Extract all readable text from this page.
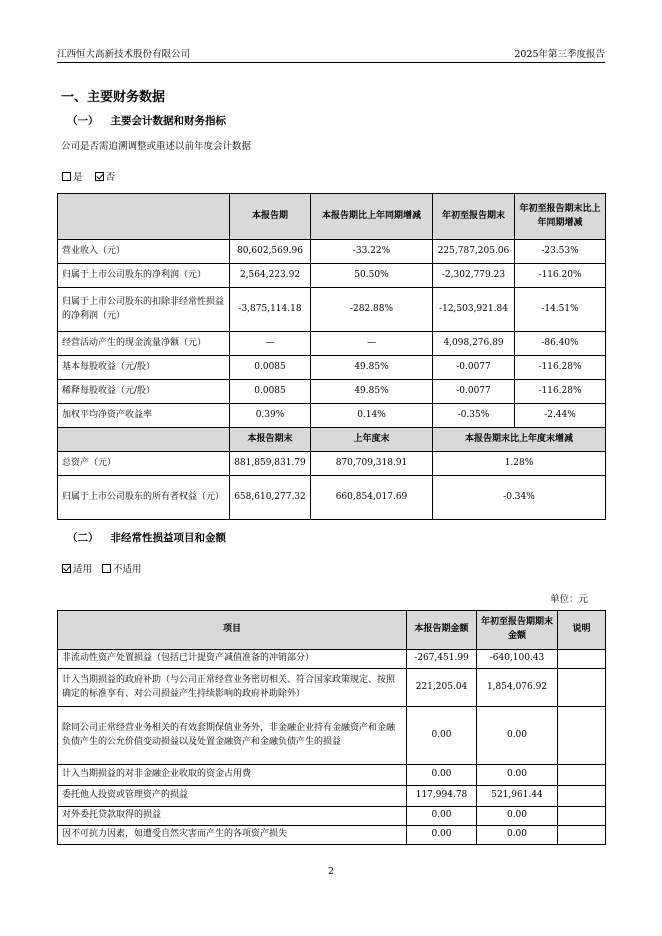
江西恒大高新技术股份有限公司	2025年第三季度报告
一、主要财务数据
（一） 主要会计数据和财务指标
公司是否需追溯调整或重述以前年度会计数据
是 否
	本报告期	本报告期比上年同期增减	年初至报告期末	年初至报告期末比上年同期增减
营业收入（元）	80,602,569.96	-33.22%	225,787,205.06	-23.53%
归属于上市公司股东的净利润（元）	2,564,223.92	50.50%	-2,302,779.23	-116.20%
归属于上市公司股东的扣除非经常性损益的净利润（元）	-3,875,114.18	-282.88%	-12,503,921.84	-14.51%
经营活动产生的现金流量净额（元）	—	—	4,098,276.89	-86.40%
基本每股收益（元/股）	0.0085	49.85%	-0.0077	-116.28%
稀释每股收益（元/股）	0.0085	49.85%	-0.0077	-116.28%
加权平均净资产收益率	0.39%	0.14%	-0.35%	-2.44%
	本报告期末	上年度末	本报告期末比上年度末增减	
总资产（元）	881,859,831.79	870,709,318.91	1.28%	
归属于上市公司股东的所有者权益（元）	658,610,277.32	660,854,017.69	-0.34%	
（二） 非经常性损益项目和金额
适用 不适用
单位：元
项目	本报告期金额	年初至报告期期末金额	说明
非流动性资产处置损益（包括已计提资产减值准备的冲销部分）	-267,451.99	-640,100.43	
计入当期损益的政府补助（与公司正常经营业务密切相关、符合国家政策规定、按照确定的标准享有、对公司损益产生持续影响的政府补助除外）	221,205.04	1,854,076.92	
除同公司正常经营业务相关的有效套期保值业务外，非金融企业持有金融资产和金融负债产生的公允价值变动损益以及处置金融资产和金融负债产生的损益	0.00	0.00	
计入当期损益的对非金融企业收取的资金占用费	0.00	0.00	
委托他人投资或管理资产的损益	117,994.78	521,961.44	
对外委托贷款取得的损益	0.00	0.00	
因不可抗力因素，如遭受自然灾害而产生的各项资产损失	0.00	0.00	
2
